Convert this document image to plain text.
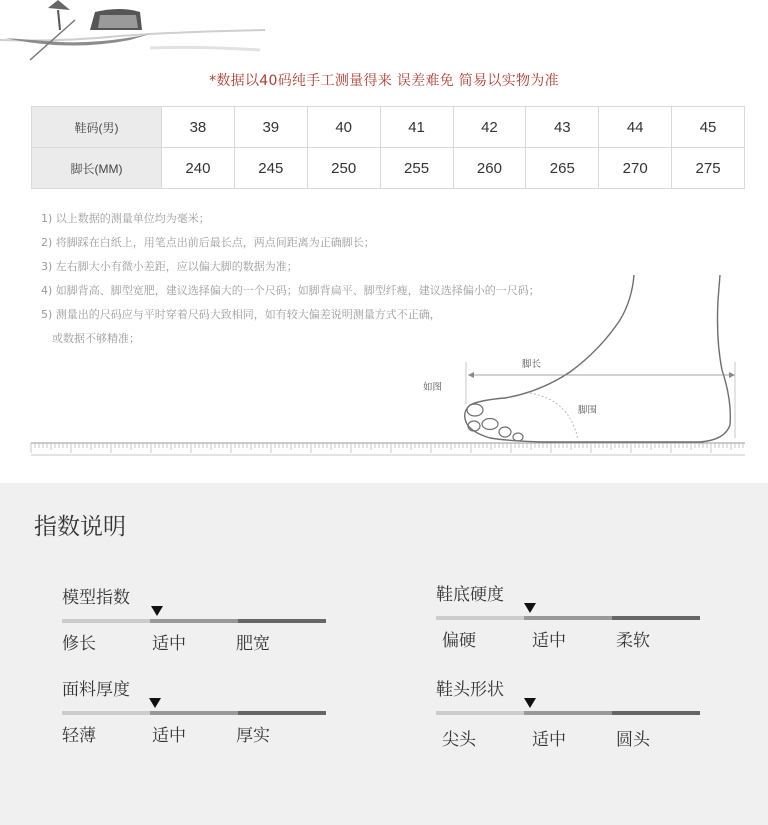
*数据以40码纯手工测量得来 误差难免 简易以实物为准
鞋码(男)	38	39	40	41	42	43	44	45
脚长(MM)	240	245	250	255	260	265	270	275
1) 以上数据的测量单位均为毫米；
2) 将脚踩在白纸上，用笔点出前后最长点，两点间距离为正确脚长；
3) 左右脚大小有微小差距，应以偏大脚的数据为准；
4) 如脚背高、脚型宽肥，建议选择偏大的一个尺码；如脚背扁平、脚型纤瘦，建议选择偏小的一尺码；
5) 测量出的尺码应与平时穿着尺码大致相同，如有较大偏差说明测量方式不正确，
或数据不够精准；
如图
脚长
脚围
指数说明
模型指数
修长	适中	肥宽
鞋底硬度
偏硬	适中	柔软
面料厚度
轻薄	适中	厚实
鞋头形状
尖头	适中	圆头
